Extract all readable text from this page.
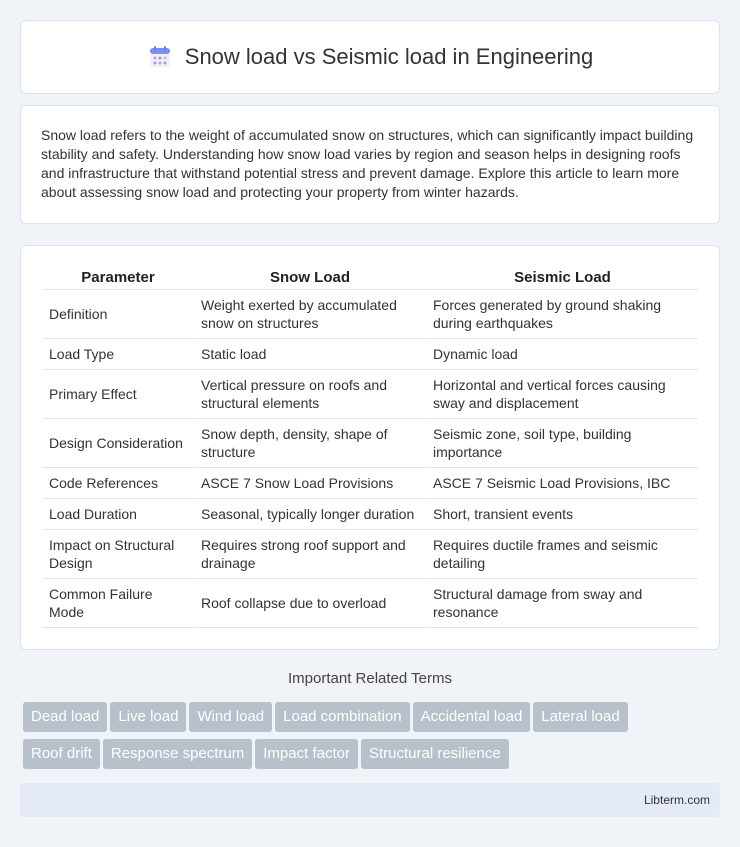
Snow load vs Seismic load in Engineering

Snow load refers to the weight of accumulated snow on structures, which can significantly impact building stability and safety. Understanding how snow load varies by region and season helps in designing roofs and infrastructure that withstand potential stress and prevent damage. Explore this article to learn more about assessing snow load and protecting your property from winter hazards.

Parameter	Snow Load	Seismic Load
Definition	Weight exerted by accumulated snow on structures	Forces generated by ground shaking during earthquakes
Load Type	Static load	Dynamic load
Primary Effect	Vertical pressure on roofs and structural elements	Horizontal and vertical forces causing sway and displacement
Design Consideration	Snow depth, density, shape of structure	Seismic zone, soil type, building importance
Code References	ASCE 7 Snow Load Provisions	ASCE 7 Seismic Load Provisions, IBC
Load Duration	Seasonal, typically longer duration	Short, transient events
Impact on Structural Design	Requires strong roof support and drainage	Requires ductile frames and seismic detailing
Common Failure Mode	Roof collapse due to overload	Structural damage from sway and resonance
Important Related Terms
Dead load Live load Wind load Load combination Accidental load Lateral load
Roof drift Response spectrum Impact factor Structural resilience
Libterm.com
